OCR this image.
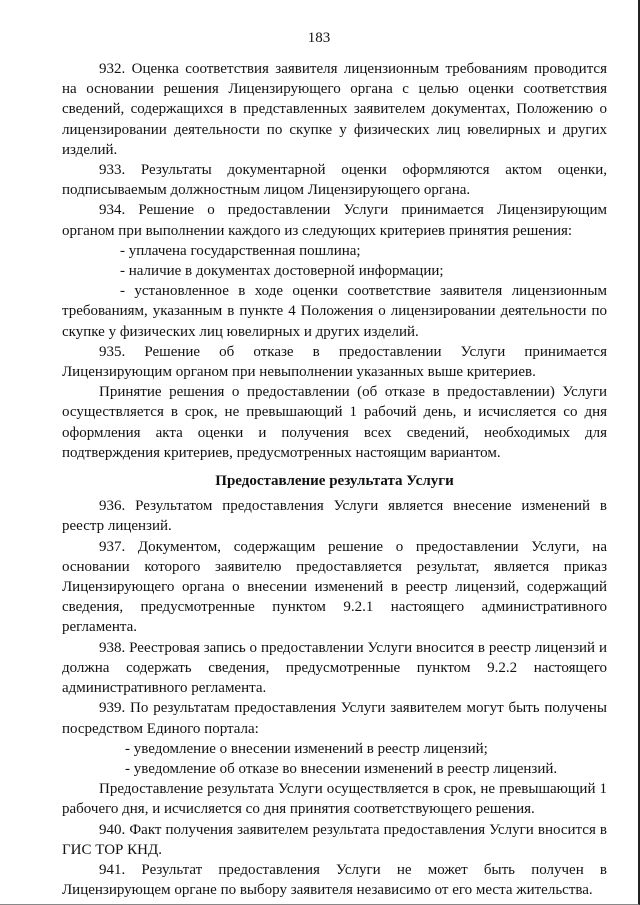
183

932. Оценка соответствия заявителя лицензионным требованиям проводится на основании решения Лицензирующего органа с целью оценки соответствия сведений, содержащихся в представленных заявителем документах, Положению о лицензировании деятельности по скупке у физических лиц ювелирных и других изделий.

933. Результаты документарной оценки оформляются актом оценки, подписываемым должностным лицом Лицензирующего органа.

934. Решение о предоставлении Услуги принимается Лицензирующим органом при выполнении каждого из следующих критериев принятия решения:

- уплачена государственная пошлина;

- наличие в документах достоверной информации;

- установленное в ходе оценки соответствие заявителя лицензионным требованиям, указанным в пункте 4 Положения о лицензировании деятельности по скупке у физических лиц ювелирных и других изделий.

935. Решение об отказе в предоставлении Услуги принимается Лицензирующим органом при невыполнении указанных выше критериев.

Принятие решения о предоставлении (об отказе в предоставлении) Услуги осуществляется в срок, не превышающий 1 рабочий день, и исчисляется со дня оформления акта оценки и получения всех сведений, необходимых для подтверждения критериев, предусмотренных настоящим вариантом.

Предоставление результата Услуги

936. Результатом предоставления Услуги является внесение изменений в реестр лицензий.

937. Документом, содержащим решение о предоставлении Услуги, на основании которого заявителю предоставляется результат, является приказ Лицензирующего органа о внесении изменений в реестр лицензий, содержащий сведения, предусмотренные пунктом 9.2.1 настоящего административного регламента.

938. Реестровая запись о предоставлении Услуги вносится в реестр лицензий и должна содержать сведения, предусмотренные пунктом 9.2.2 настоящего административного регламента.

939. По результатам предоставления Услуги заявителем могут быть получены посредством Единого портала:

- уведомление о внесении изменений в реестр лицензий;

- уведомление об отказе во внесении изменений в реестр лицензий.

Предоставление результата Услуги осуществляется в срок, не превышающий 1 рабочего дня, и исчисляется со дня принятия соответствующего решения.

940. Факт получения заявителем результата предоставления Услуги вносится в ГИС ТОР КНД.

941. Результат предоставления Услуги не может быть получен в Лицензирующем органе по выбору заявителя независимо от его места жительства.
